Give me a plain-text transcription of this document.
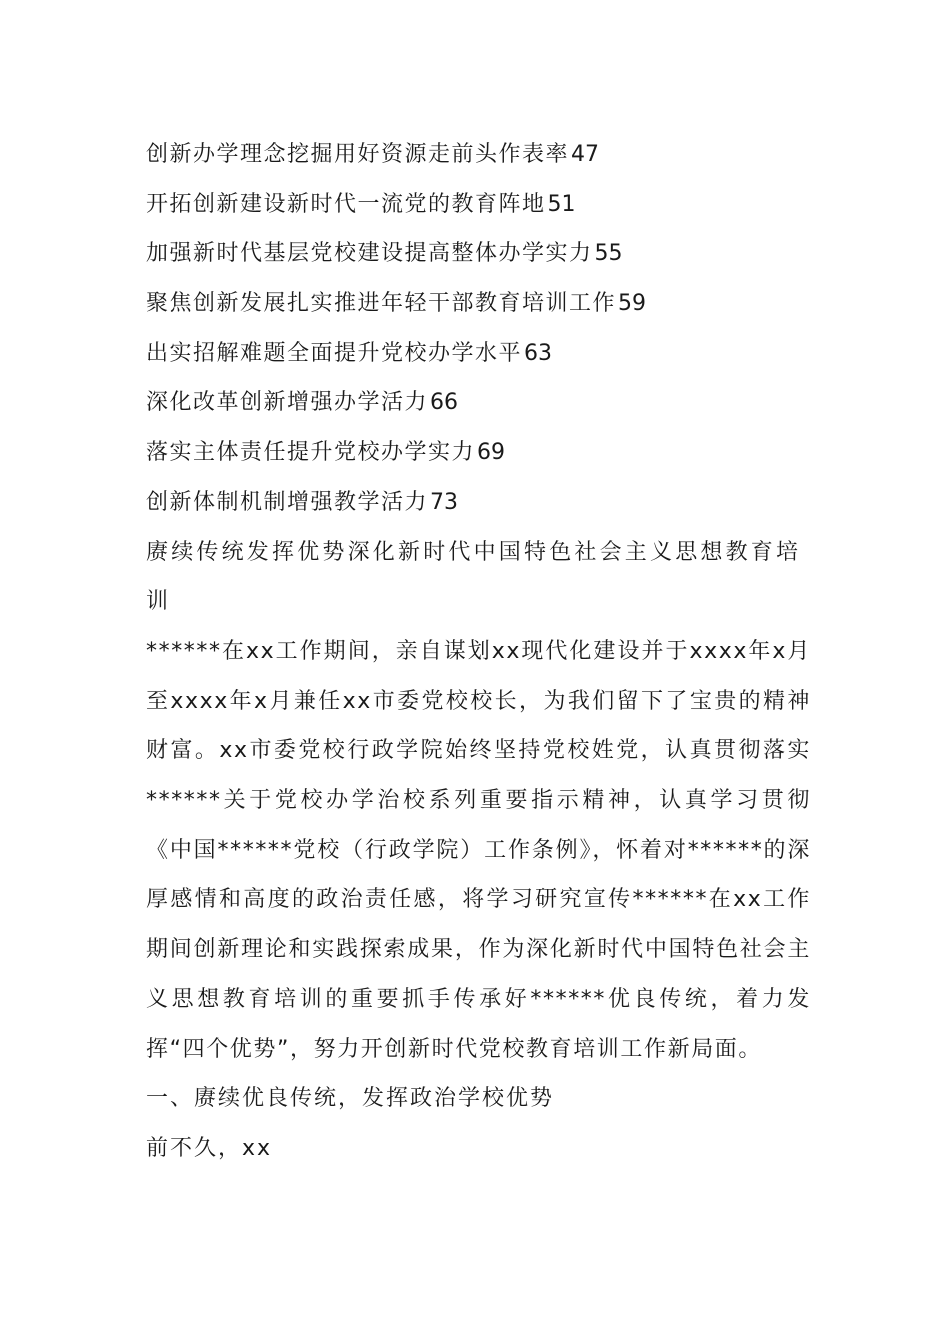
创新办学理念挖掘用好资源走前头作表率47
开拓创新建设新时代一流党的教育阵地51
加强新时代基层党校建设提高整体办学实力55
聚焦创新发展扎实推进年轻干部教育培训工作59
出实招解难题全面提升党校办学水平63
深化改革创新增强办学活力66
落实主体责任提升党校办学实力69
创新体制机制增强教学活力73
赓续传统发挥优势深化新时代中国特色社会主义思想教育培训
******在xx工作期间，亲自谋划xx现代化建设并于xxxx年x月至xxxx年x月兼任xx市委党校校长，为我们留下了宝贵的精神财富。xx市委党校行政学院始终坚持党校姓党，认真贯彻落实******关于党校办学治校系列重要指示精神，认真学习贯彻《中国******党校（行政学院）工作条例》，怀着对******的深厚感情和高度的政治责任感，将学习研究宣传******在xx工作期间创新理论和实践探索成果，作为深化新时代中国特色社会主义思想教育培训的重要抓手传承好******优良传统，着力发挥“四个优势”，努力开创新时代党校教育培训工作新局面。
一、赓续优良传统，发挥政治学校优势
前不久，xx
